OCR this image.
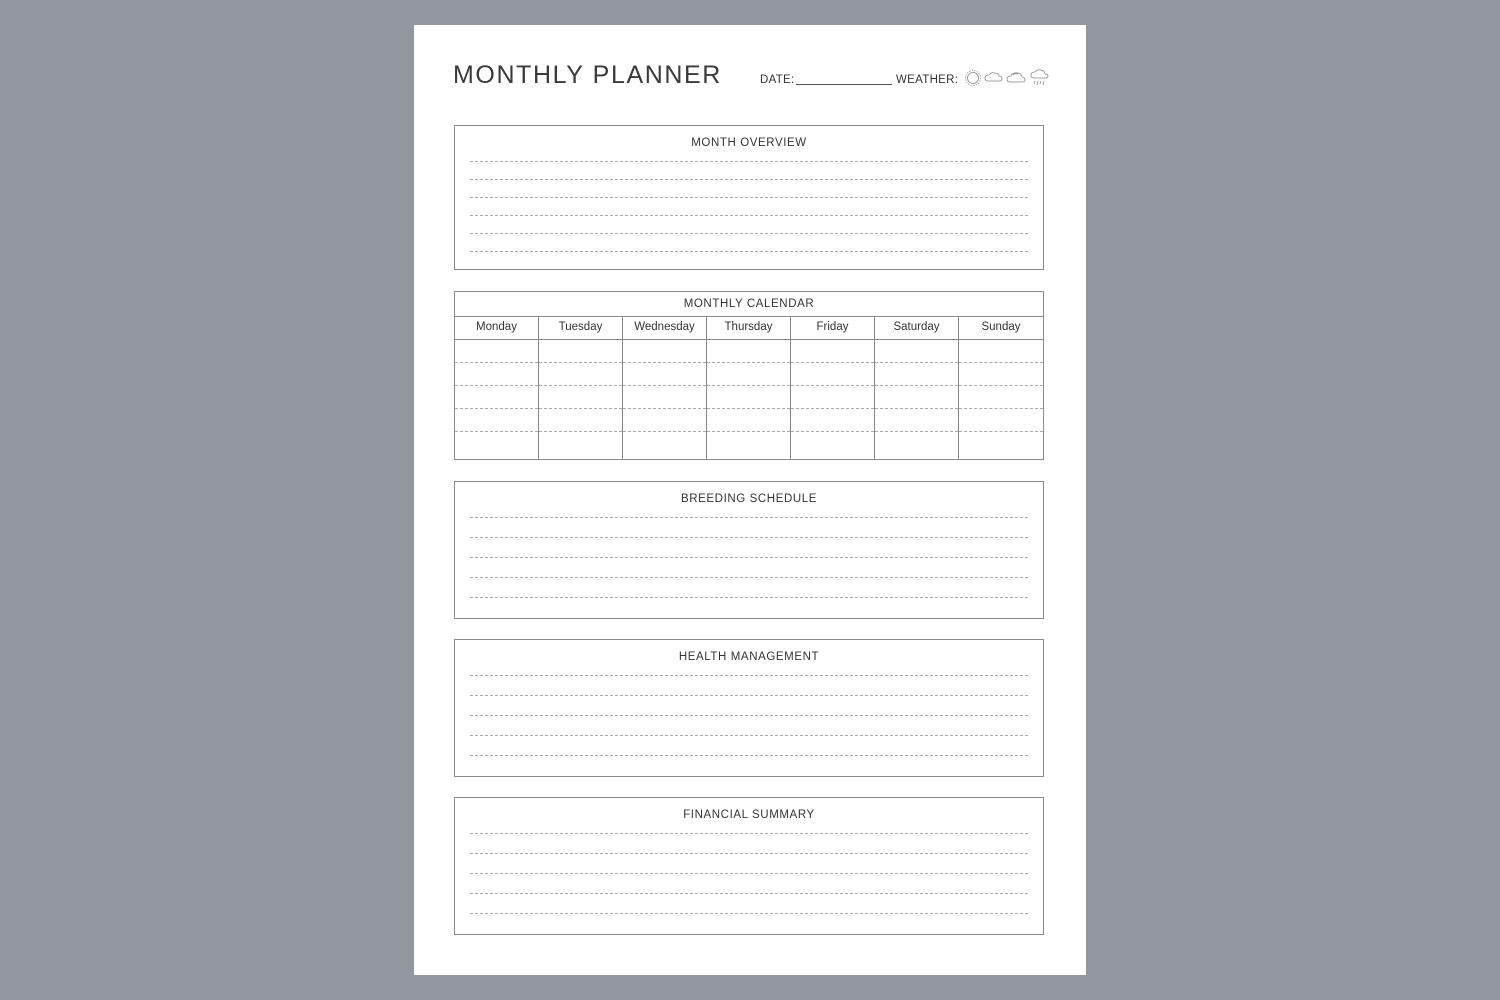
MONTHLY PLANNER	DATE:	WEATHER:
MONTH OVERVIEW
MONTHLY CALENDAR
Monday	Tuesday	Wednesday	Thursday	Friday	Saturday	Sunday
BREEDING SCHEDULE
HEALTH MANAGEMENT
FINANCIAL SUMMARY
